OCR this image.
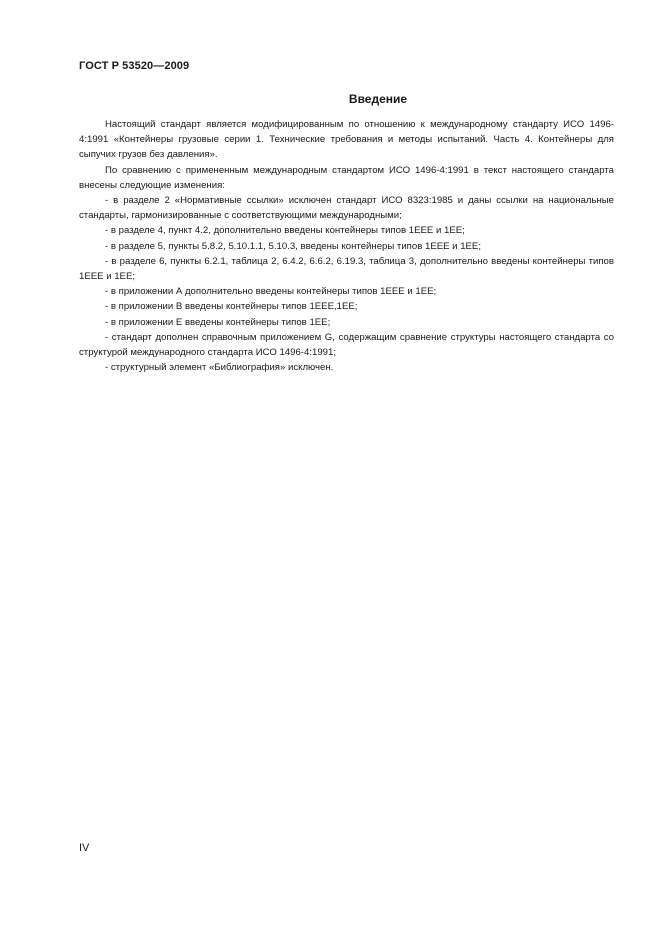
ГОСТ Р 53520—2009
Введение

Настоящий стандарт является модифицированным по отношению к международному стандарту ИСО 1496-4:1991 «Контейнеры грузовые серии 1. Технические требования и методы испытаний. Часть 4. Контейнеры для сыпучих грузов без давления».

По сравнению с примененным международным стандартом ИСО 1496-4:1991 в текст настоящего стандарта внесены следующие изменения:

- в разделе 2 «Нормативные ссылки» исключен стандарт ИСО 8323:1985 и даны ссылки на национальные стандарты, гармонизированные с соответствующими международными;

- в разделе 4, пункт 4.2, дополнительно введены контейнеры типов 1ЕЕЕ и 1ЕЕ;

- в разделе 5, пункты 5.8.2, 5.10.1.1, 5.10.3, введены контейнеры типов 1ЕЕЕ и 1ЕЕ;

- в разделе 6, пункты 6.2.1, таблица 2, 6.4.2, 6.6.2, 6.19.3, таблица 3, дополнительно введены контейнеры типов 1ЕЕЕ и 1ЕЕ;

- в приложении А дополнительно введены контейнеры типов 1ЕЕЕ и 1ЕЕ;

- в приложении В введены контейнеры типов 1ЕЕЕ,1ЕЕ;

- в приложении Е введены контейнеры типов 1ЕЕ;

- стандарт дополнен справочным приложением G, содержащим сравнение структуры настоящего стандарта со структурой международного стандарта ИСО 1496-4:1991;

- структурный элемент «Библиография» исключен.

IV
